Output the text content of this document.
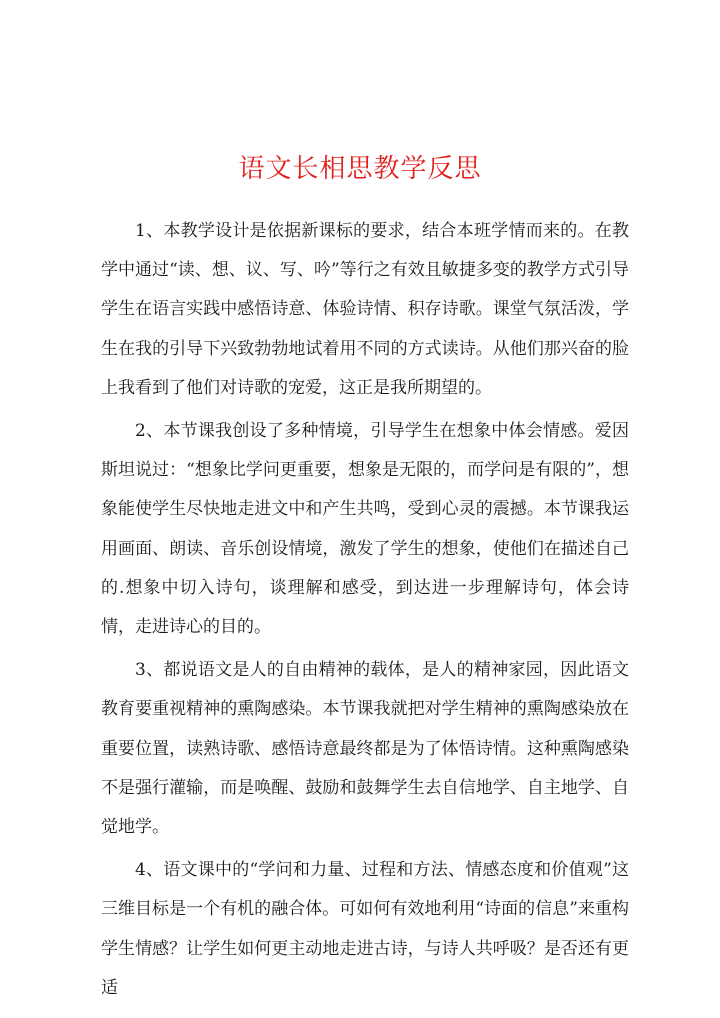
语文长相思教学反思

1、本教学设计是依据新课标的要求，结合本班学情而来的。在教学中通过“读、想、议、写、吟”等行之有效且敏捷多变的教学方式引导学生在语言实践中感悟诗意、体验诗情、积存诗歌。课堂气氛活泼，学生在我的引导下兴致勃勃地试着用不同的方式读诗。从他们那兴奋的脸上我看到了他们对诗歌的宠爱，这正是我所期望的。

2、本节课我创设了多种情境，引导学生在想象中体会情感。爱因斯坦说过：“想象比学问更重要，想象是无限的，而学问是有限的”，想象能使学生尽快地走进文中和产生共鸣，受到心灵的震撼。本节课我运用画面、朗读、音乐创设情境，激发了学生的想象，使他们在描述自己的.想象中切入诗句，谈理解和感受，到达进一步理解诗句，体会诗情，走进诗心的目的。

3、都说语文是人的自由精神的载体，是人的精神家园，因此语文教育要重视精神的熏陶感染。本节课我就把对学生精神的熏陶感染放在重要位置，读熟诗歌、感悟诗意最终都是为了体悟诗情。这种熏陶感染不是强行灌输，而是唤醒、鼓励和鼓舞学生去自信地学、自主地学、自觉地学。

4、语文课中的“学问和力量、过程和方法、情感态度和价值观”这三维目标是一个有机的融合体。可如何有效地利用“诗面的信息”来重构学生情感？让学生如何更主动地走进古诗，与诗人共呼吸？是否还有更适
